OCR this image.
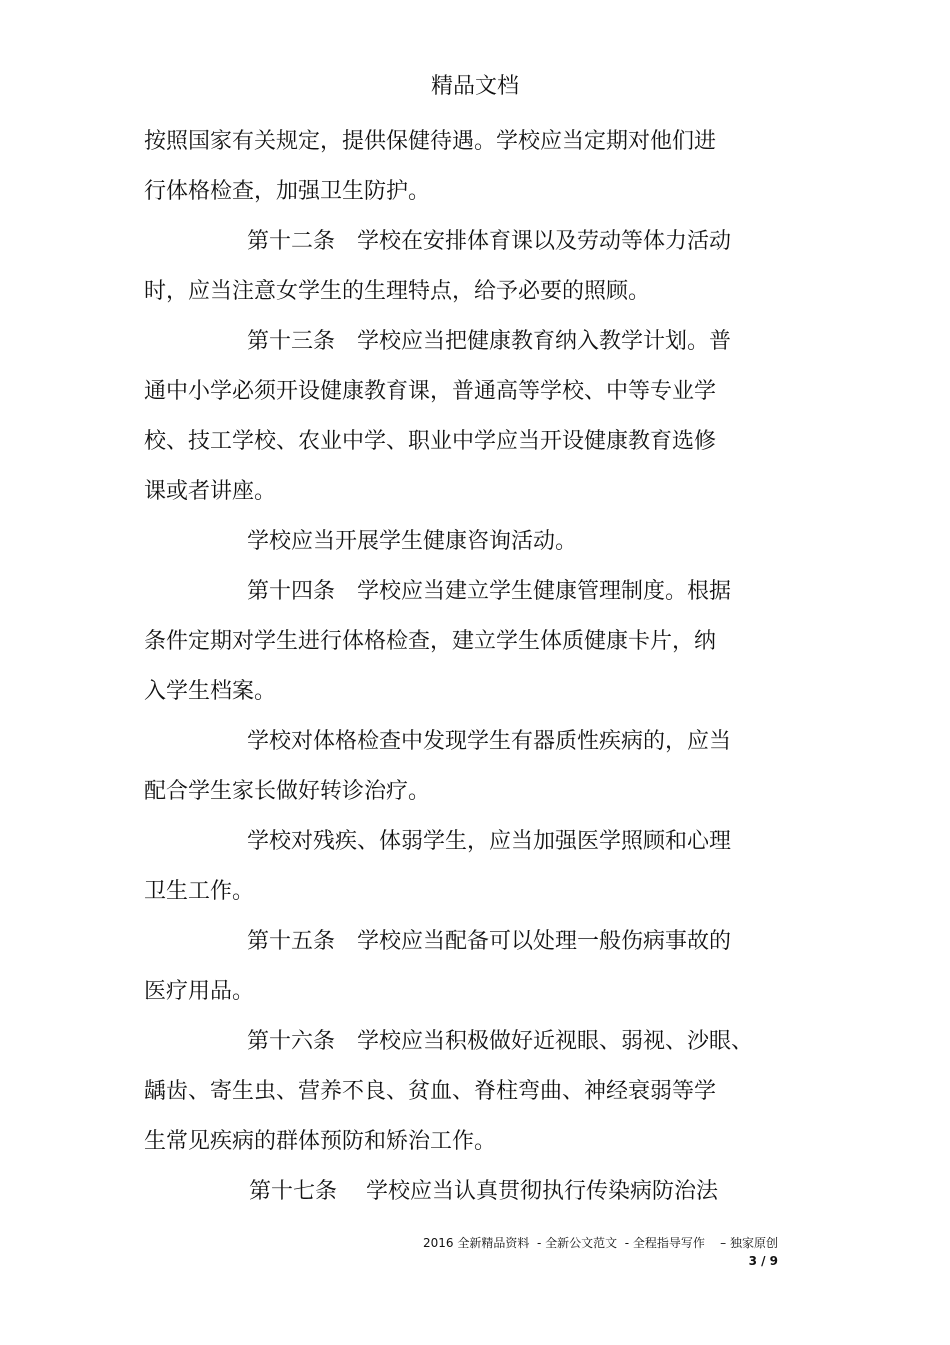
精品文档
按照国家有关规定，提供保健待遇。学校应当定期对他们进
行体格检查，加强卫生防护。
第十二条　学校在安排体育课以及劳动等体力活动
时，应当注意女学生的生理特点，给予必要的照顾。
第十三条　学校应当把健康教育纳入教学计划。普
通中小学必须开设健康教育课，普通高等学校、中等专业学
校、技工学校、农业中学、职业中学应当开设健康教育选修
课或者讲座。
学校应当开展学生健康咨询活动。
第十四条　学校应当建立学生健康管理制度。根据
条件定期对学生进行体格检查，建立学生体质健康卡片，纳
入学生档案。
学校对体格检查中发现学生有器质性疾病的，应当
配合学生家长做好转诊治疗。
学校对残疾、体弱学生，应当加强医学照顾和心理
卫生工作。
第十五条　学校应当配备可以处理一般伤病事故的
医疗用品。
第十六条　学校应当积极做好近视眼、弱视、沙眼、
龋齿、寄生虫、营养不良、贫血、脊柱弯曲、神经衰弱等学
生常见疾病的群体预防和矫治工作。
第十七条　 学校应当认真贯彻执行传染病防治法
2016 全新精品资料  - 全新公文范文  - 全程指导写作    – 独家原创
3 / 9
